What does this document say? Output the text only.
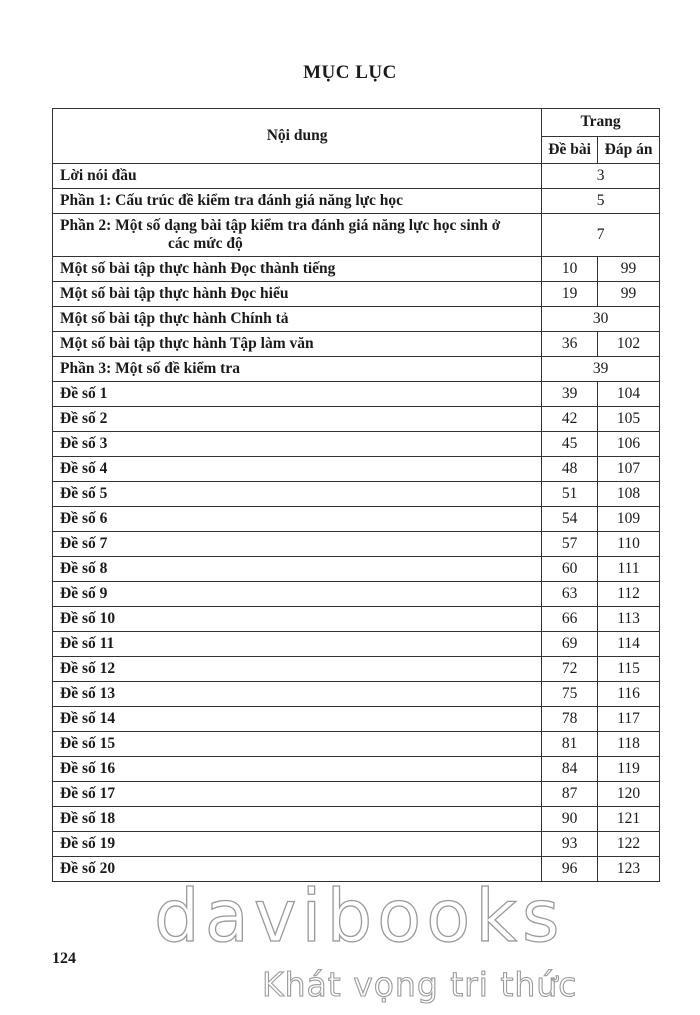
MỤC LỤC
Nội dung	Trang	
	Đề bài	Đáp án
Lời nói đầu	3	
Phần 1: Cấu trúc đề kiểm tra đánh giá năng lực học	5	
Phần 2: Một số dạng bài tập kiểm tra đánh giá năng lực học sinh ở
các mức độ	7	
Một số bài tập thực hành Đọc thành tiếng	10	99
Một số bài tập thực hành Đọc hiểu	19	99
Một số bài tập thực hành Chính tả	30	
Một số bài tập thực hành Tập làm văn	36	102
Phần 3: Một số đề kiểm tra	39	
Đề số 1	39	104
Đề số 2	42	105
Đề số 3	45	106
Đề số 4	48	107
Đề số 5	51	108
Đề số 6	54	109
Đề số 7	57	110
Đề số 8	60	111
Đề số 9	63	112
Đề số 10	66	113
Đề số 11	69	114
Đề số 12	72	115
Đề số 13	75	116
Đề số 14	78	117
Đề số 15	81	118
Đề số 16	84	119
Đề số 17	87	120
Đề số 18	90	121
Đề số 19	93	122
Đề số 20	96	123
124
davibooks
Khát vọng tri thức
